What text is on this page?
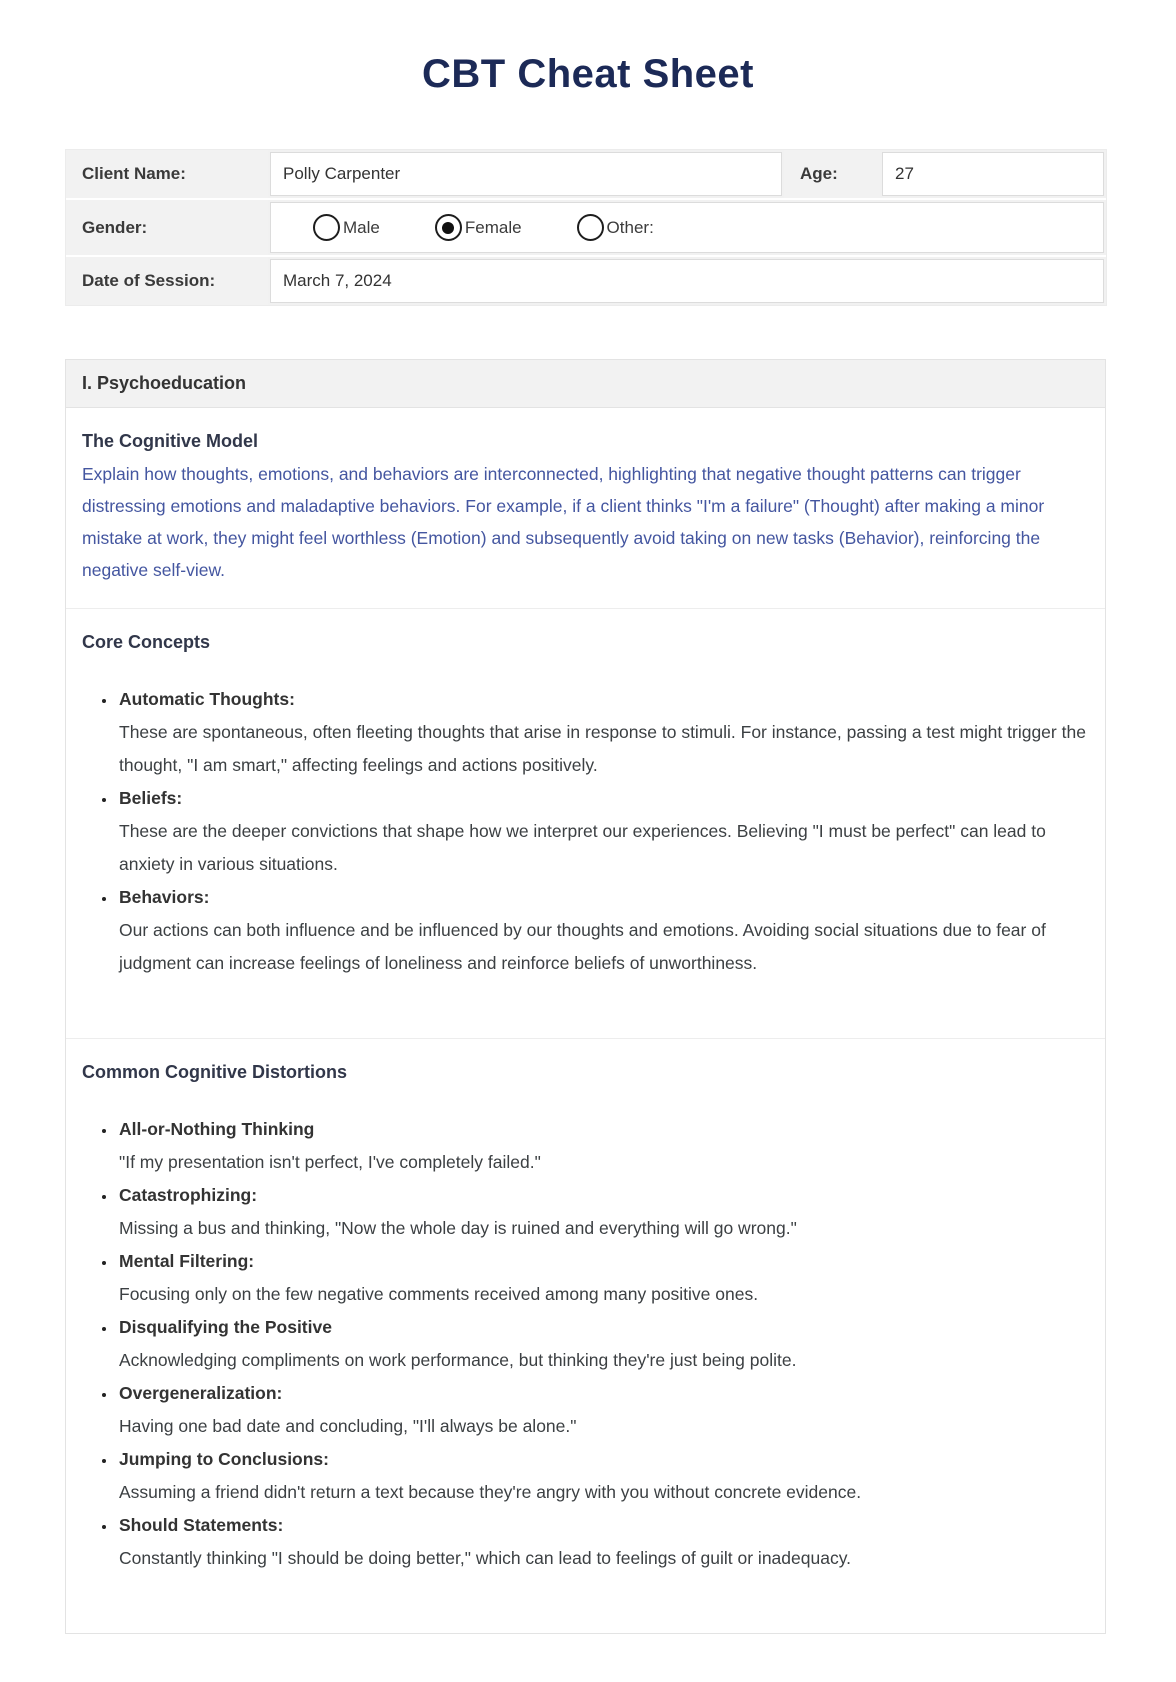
CBT Cheat Sheet
Client Name:	Polly Carpenter	Age:	27
Gender:	Male	Female	Other:
Date of Session:	March 7, 2024
I. Psychoeducation
The Cognitive Model
Explain how thoughts, emotions, and behaviors are interconnected, highlighting that negative thought patterns can trigger distressing emotions and maladaptive behaviors. For example, if a client thinks "I'm a failure" (Thought) after making a minor mistake at work, they might feel worthless (Emotion) and subsequently avoid taking on new tasks (Behavior), reinforcing the negative self-view.
Core Concepts
• Automatic Thoughts:
These are spontaneous, often fleeting thoughts that arise in response to stimuli. For instance, passing a test might trigger the thought, "I am smart," affecting feelings and actions positively.
• Beliefs:
These are the deeper convictions that shape how we interpret our experiences. Believing "I must be perfect" can lead to anxiety in various situations.
• Behaviors:
Our actions can both influence and be influenced by our thoughts and emotions. Avoiding social situations due to fear of judgment can increase feelings of loneliness and reinforce beliefs of unworthiness.
Common Cognitive Distortions
• All-or-Nothing Thinking
"If my presentation isn't perfect, I've completely failed."
• Catastrophizing:
Missing a bus and thinking, "Now the whole day is ruined and everything will go wrong."
• Mental Filtering:
Focusing only on the few negative comments received among many positive ones.
• Disqualifying the Positive
Acknowledging compliments on work performance, but thinking they're just being polite.
• Overgeneralization:
Having one bad date and concluding, "I'll always be alone."
• Jumping to Conclusions:
Assuming a friend didn't return a text because they're angry with you without concrete evidence.
• Should Statements:
Constantly thinking "I should be doing better," which can lead to feelings of guilt or inadequacy.
